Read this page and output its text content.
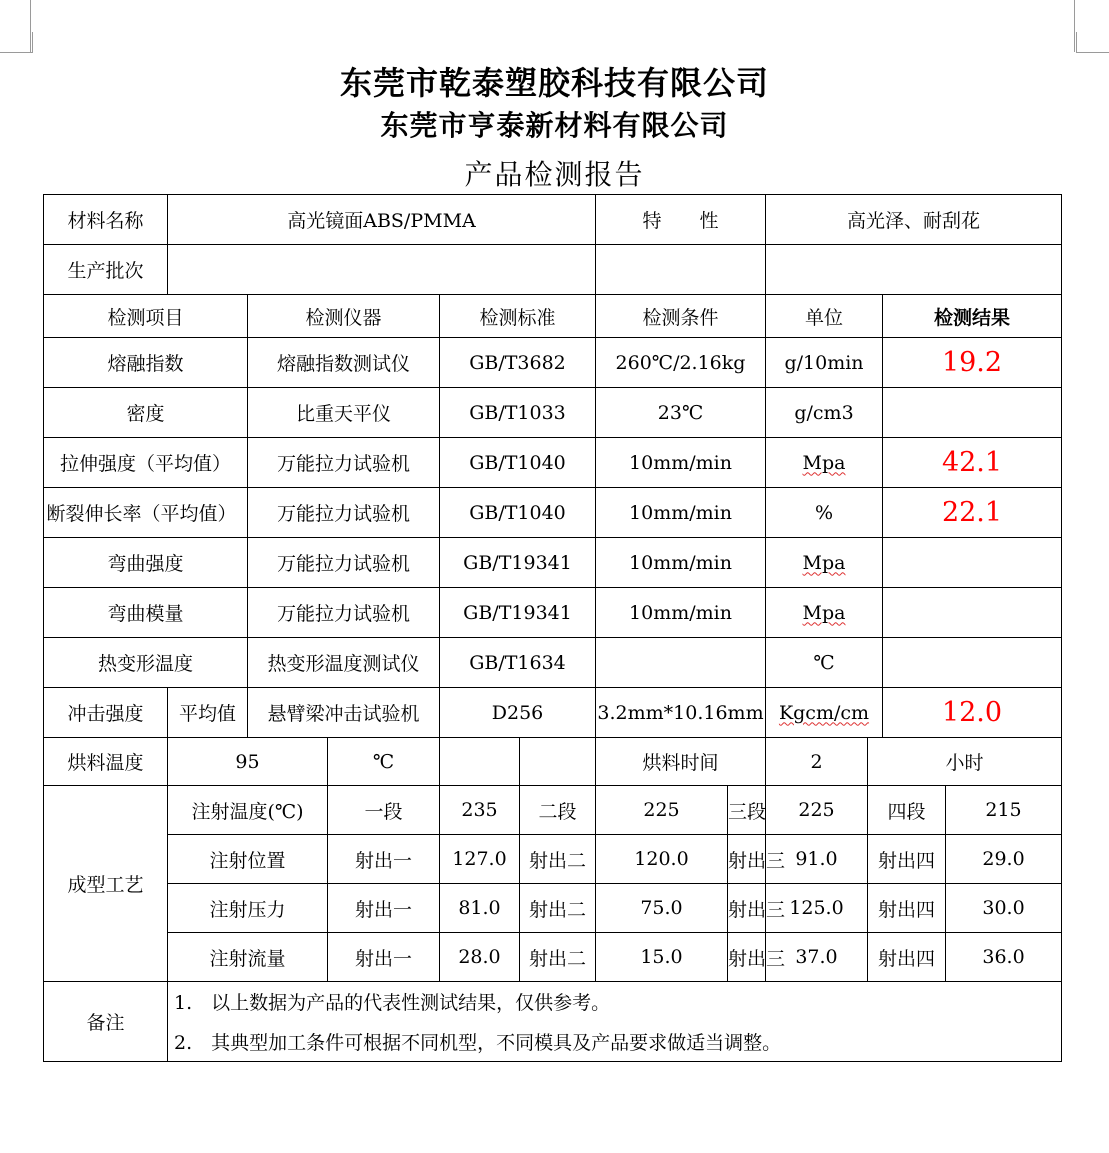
东莞市乾泰塑胶科技有限公司
东莞市亨泰新材料有限公司
产品检测报告
材料名称	高光镜面ABS/PMMA					特　　性		高光泽、耐刮花			
生产批次											
检测项目		检测仪器		检测标准		检测条件		单位		检测结果	
熔融指数		熔融指数测试仪		GB/T3682		260℃/2.16kg		g/10min		19.2	
密度		比重天平仪		GB/T1033		23℃		g/cm3			
拉伸强度（平均值）		万能拉力试验机		GB/T1040		10mm/min		Mpa		42.1	
断裂伸长率（平均值）		万能拉力试验机		GB/T1040		10mm/min		%		22.1	
弯曲强度		万能拉力试验机		GB/T19341		10mm/min		Mpa			
弯曲模量		万能拉力试验机		GB/T19341		10mm/min		Mpa			
热变形温度		热变形温度测试仪		GB/T1634				℃			
冲击强度	平均值	悬臂梁冲击试验机		D256		3.2mm*10.16mm		Kgcm/cm		12.0	
烘料温度	95		℃			烘料时间		2	小时		
成型工艺	注射温度(℃)		一段	235	二段	225	三段	225	四段		215
	注射位置		射出一	127.0	射出二	120.0	射出三	91.0	射出四		29.0
	注射压力		射出一	81.0	射出二	75.0	射出三	125.0	射出四		30.0
	注射流量		射出一	28.0	射出二	15.0	射出三	37.0	射出四		36.0
备注	1.　以上数据为产品的代表性测试结果，仅供参考。										
	2.　其典型加工条件可根据不同机型，不同模具及产品要求做适当调整。										
